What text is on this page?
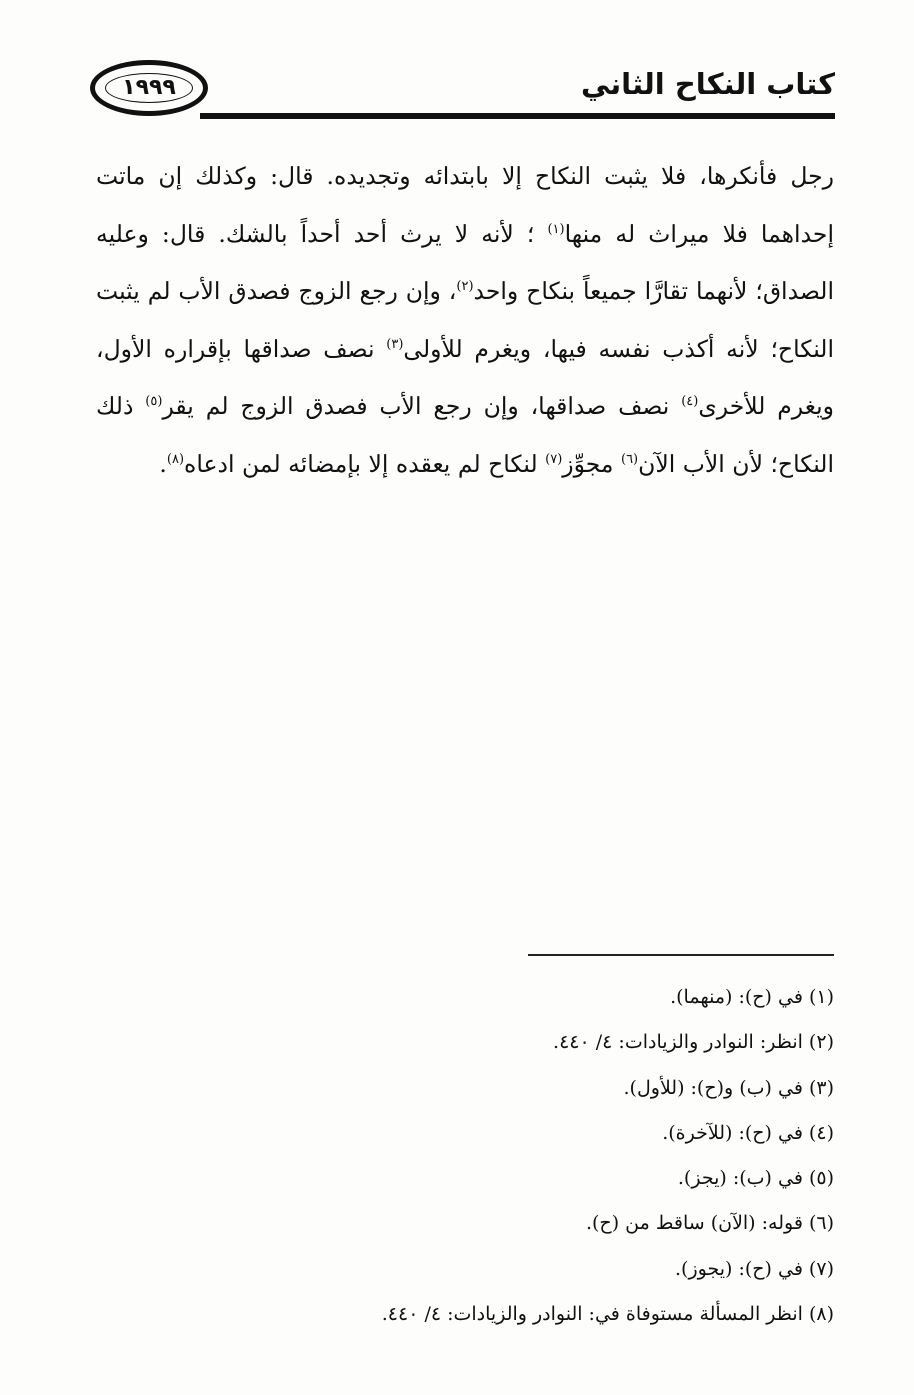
كتاب النكاح الثاني
١٩٩٩
رجل فأنكرها، فلا يثبت النكاح إلا بابتدائه وتجديده. قال: وكذلك إن ماتت
إحداهما فلا ميراث له منها$^{(١)}$ ؛ لأنه لا يرث أحد أحداً بالشك. قال: وعليه
الصداق؛ لأنهما تقارَّا جميعاً بنكاح واحد$^{(٢)}$، وإن رجع الزوج فصدق الأب لم يثبت
النكاح؛ لأنه أكذب نفسه فيها، ويغرم للأولى$^{(٣)}$ نصف صداقها بإقراره الأول،
ويغرم للأخرى$^{(٤)}$ نصف صداقها، وإن رجع الأب فصدق الزوج لم يقر$^{(٥)}$ ذلك
النكاح؛ لأن الأب الآن$^{(٦)}$ مجوِّز$^{(٧)}$ لنكاح لم يعقده إلا بإمضائه لمن ادعاه$^{(٨)}$.
(١) في (ح): (منهما).
(٢) انظر: النوادر والزيادات: ٤/ ٤٤٠.
(٣) في (ب) و(ح): (للأول).
(٤) في (ح): (للآخرة).
(٥) في (ب): (يجز).
(٦) قوله: (الآن) ساقط من (ح).
(٧) في (ح): (يجوز).
(٨) انظر المسألة مستوفاة في: النوادر والزيادات: ٤/ ٤٤٠.
